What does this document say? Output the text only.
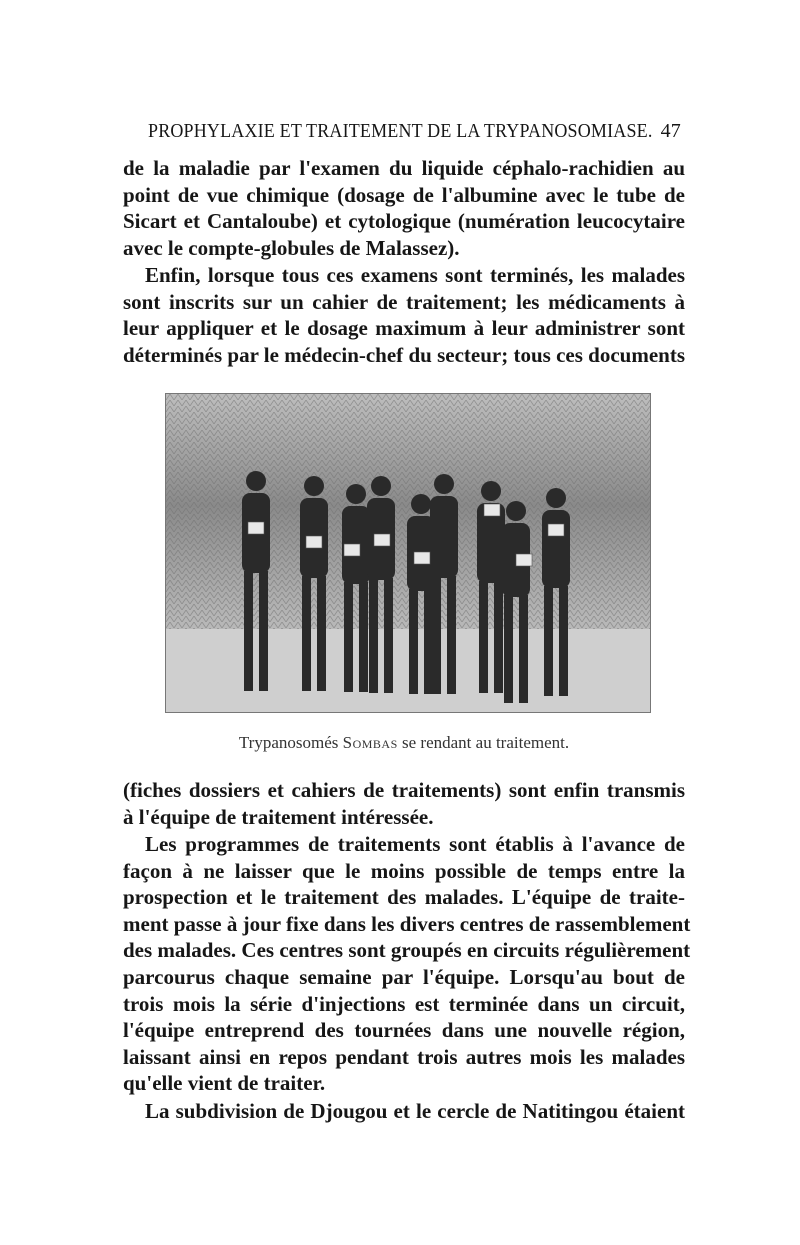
PROPHYLAXIE ET TRAITEMENT DE LA TRYPANOSOMIASE. 47
de la maladie par l'examen du liquide céphalo-rachidien au
point de vue chimique (dosage de l'albumine avec le tube de
Sicart et Cantaloube) et cytologique (numération leucocytaire
avec le compte-globules de Malassez).
Enfin, lorsque tous ces examens sont terminés, les malades
sont inscrits sur un cahier de traitement; les médicaments à
leur appliquer et le dosage maximum à leur administrer sont
déterminés par le médecin-chef du secteur; tous ces documents
Trypanosomés Sombas se rendant au traitement.
(fiches dossiers et cahiers de traitements) sont enfin transmis
à l'équipe de traitement intéressée.
Les programmes de traitements sont établis à l'avance de
façon à ne laisser que le moins possible de temps entre la
prospection et le traitement des malades. L'équipe de traite-
ment passe à jour fixe dans les divers centres de rassemblement
des malades. Ces centres sont groupés en circuits régulièrement
parcourus chaque semaine par l'équipe. Lorsqu'au bout de
trois mois la série d'injections est terminée dans un circuit,
l'équipe entreprend des tournées dans une nouvelle région,
laissant ainsi en repos pendant trois autres mois les malades
qu'elle vient de traiter.
La subdivision de Djougou et le cercle de Natitingou étaient
